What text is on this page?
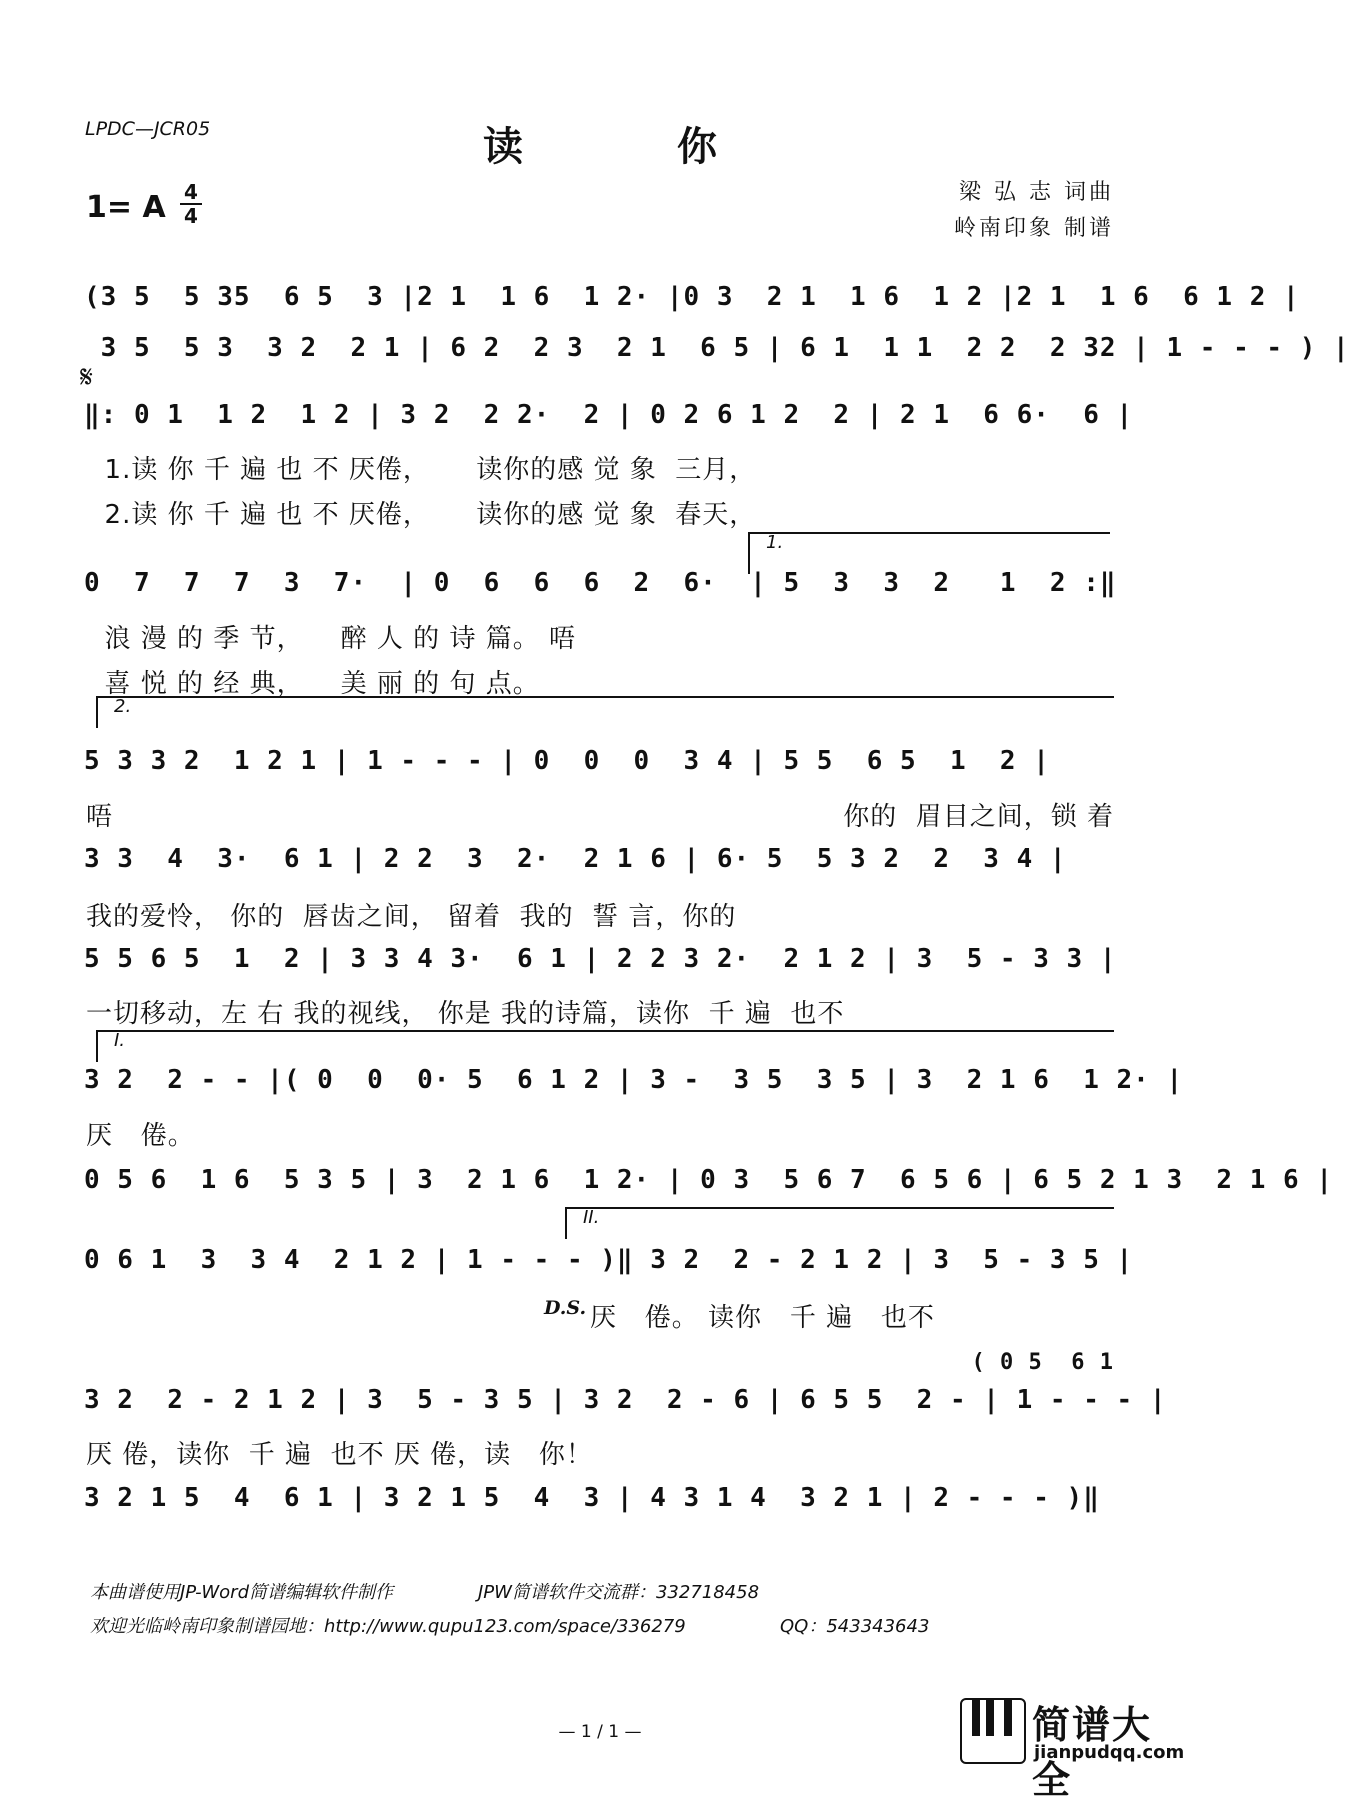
LPDC—JCR05	读 你
1= A 4
4
梁 弘 志 词曲
岭南印象 制谱
(3 5  5 35  6 5  3 |2 1  1 6  1 2· |0 3  2 1  1 6  1 2 |2 1  1 6  6 1 2 |
3 5  5 3  3 2  2 1 | 6 2  2 3  2 1  6 5 | 6 1  1 1  2 2  2 32 | 1 - - - ) |
𝄋
‖: 0 1  1 2  1 2 | 3 2  2 2·  2 | 0 2 6 1 2  2 | 2 1  6 6·  6 |
1.读 你 千 遍 也 不 厌倦，     读你的感 觉 象  三月，
2.读 你 千 遍 也 不 厌倦，     读你的感 觉 象  春天，
1.
0  7  7  7  3  7·  | 0  6  6  6  2  6·  | 5  3  3  2   1  2 :‖
浪 漫 的 季 节，    醉 人 的 诗 篇。 唔
喜 悦 的 经 典，    美 丽 的 句 点。
2.
5 3 3 2  1 2 1 | 1 - - - | 0  0  0  3 4 | 5 5  6 5  1  2 |
唔	你的  眉目之间，锁 着
3 3  4  3·  6 1 | 2 2  3  2·  2 1 6 | 6· 5  5 3 2  2  3 4 |
我的爱怜， 你的  唇齿之间， 留着  我的  誓 言，你的
5 5 6 5  1  2 | 3 3 4 3·  6 1 | 2 2 3 2·  2 1 2 | 3  5 - 3 3 |
一切移动，左 右 我的视线， 你是 我的诗篇，读你  千 遍  也不
I.
3 2  2 - - |( 0  0  0· 5  6 1 2 | 3 -  3 5  3 5 | 3  2 1 6  1 2· |
厌   倦。
0 5 6  1 6  5 3 5 | 3  2 1 6  1 2· | 0 3  5 6 7  6 5 6 | 6 5 2 1 3  2 1 6 |
II.
0 6 1  3  3 4  2 1 2 | 1 - - - )‖ 3 2  2 - 2 1 2 | 3  5 - 3 5 |
D.S. 厌   倦。 读你   千 遍   也不
( 0 5  6 1
3 2  2 - 2 1 2 | 3  5 - 3 5 | 3 2  2 - 6 | 6 5 5  2 - | 1 - - - |
厌 倦，读你  千 遍  也不 厌 倦，读   你！
3 2 1 5  4  6 1 | 3 2 1 5  4  3 | 4 3 1 4  3 2 1 | 2 - - - )‖
本曲谱使用JP-Word简谱编辑软件制作	JPW简谱软件交流群：332718458
欢迎光临岭南印象制谱园地：http://www.qupu123.com/space/336279	QQ：543343643
— 1 / 1 —	简谱大全
jianpudqq.com
